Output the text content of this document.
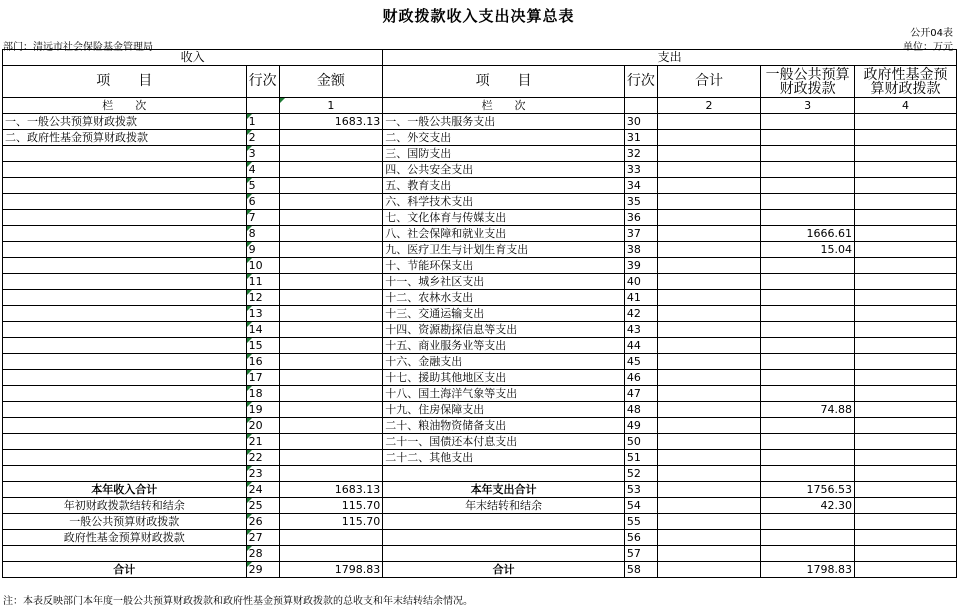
财政拨款收入支出决算总表
公开04表
部门：清远市社会保险基金管理局	单位：万元
收入			支出				
项　　目	行次	金额	项　　目	行次	合计	一般公共预算财政拨款	政府性基金预算财政拨款
栏　　次		1	栏　　次		2	3	4
一、一般公共预算财政拨款	1	1683.13	一、一般公共服务支出	30			
二、政府性基金预算财政拨款	2		二、外交支出	31			
	3		三、国防支出	32			
	4		四、公共安全支出	33			
	5		五、教育支出	34			
	6		六、科学技术支出	35			
	7		七、文化体育与传媒支出	36			
	8		八、社会保障和就业支出	37		1666.61	
	9		九、医疗卫生与计划生育支出	38		15.04	
	10		十、节能环保支出	39			
	11		十一、城乡社区支出	40			
	12		十二、农林水支出	41			
	13		十三、交通运输支出	42			
	14		十四、资源勘探信息等支出	43			
	15		十五、商业服务业等支出	44			
	16		十六、金融支出	45			
	17		十七、援助其他地区支出	46			
	18		十八、国土海洋气象等支出	47			
	19		十九、住房保障支出	48		74.88	
	20		二十、粮油物资储备支出	49			
	21		二十一、国债还本付息支出	50			
	22		二十二、其他支出	51			
	23			52			
本年收入合计	24	1683.13	本年支出合计	53		1756.53	
年初财政拨款结转和结余	25	115.70	年末结转和结余	54		42.30	
一般公共预算财政拨款	26	115.70		55			
政府性基金预算财政拨款	27			56			
	28			57			
合计	29	1798.83	合计	58		1798.83	
注：本表反映部门本年度一般公共预算财政拨款和政府性基金预算财政拨款的总收支和年末结转结余情况。
